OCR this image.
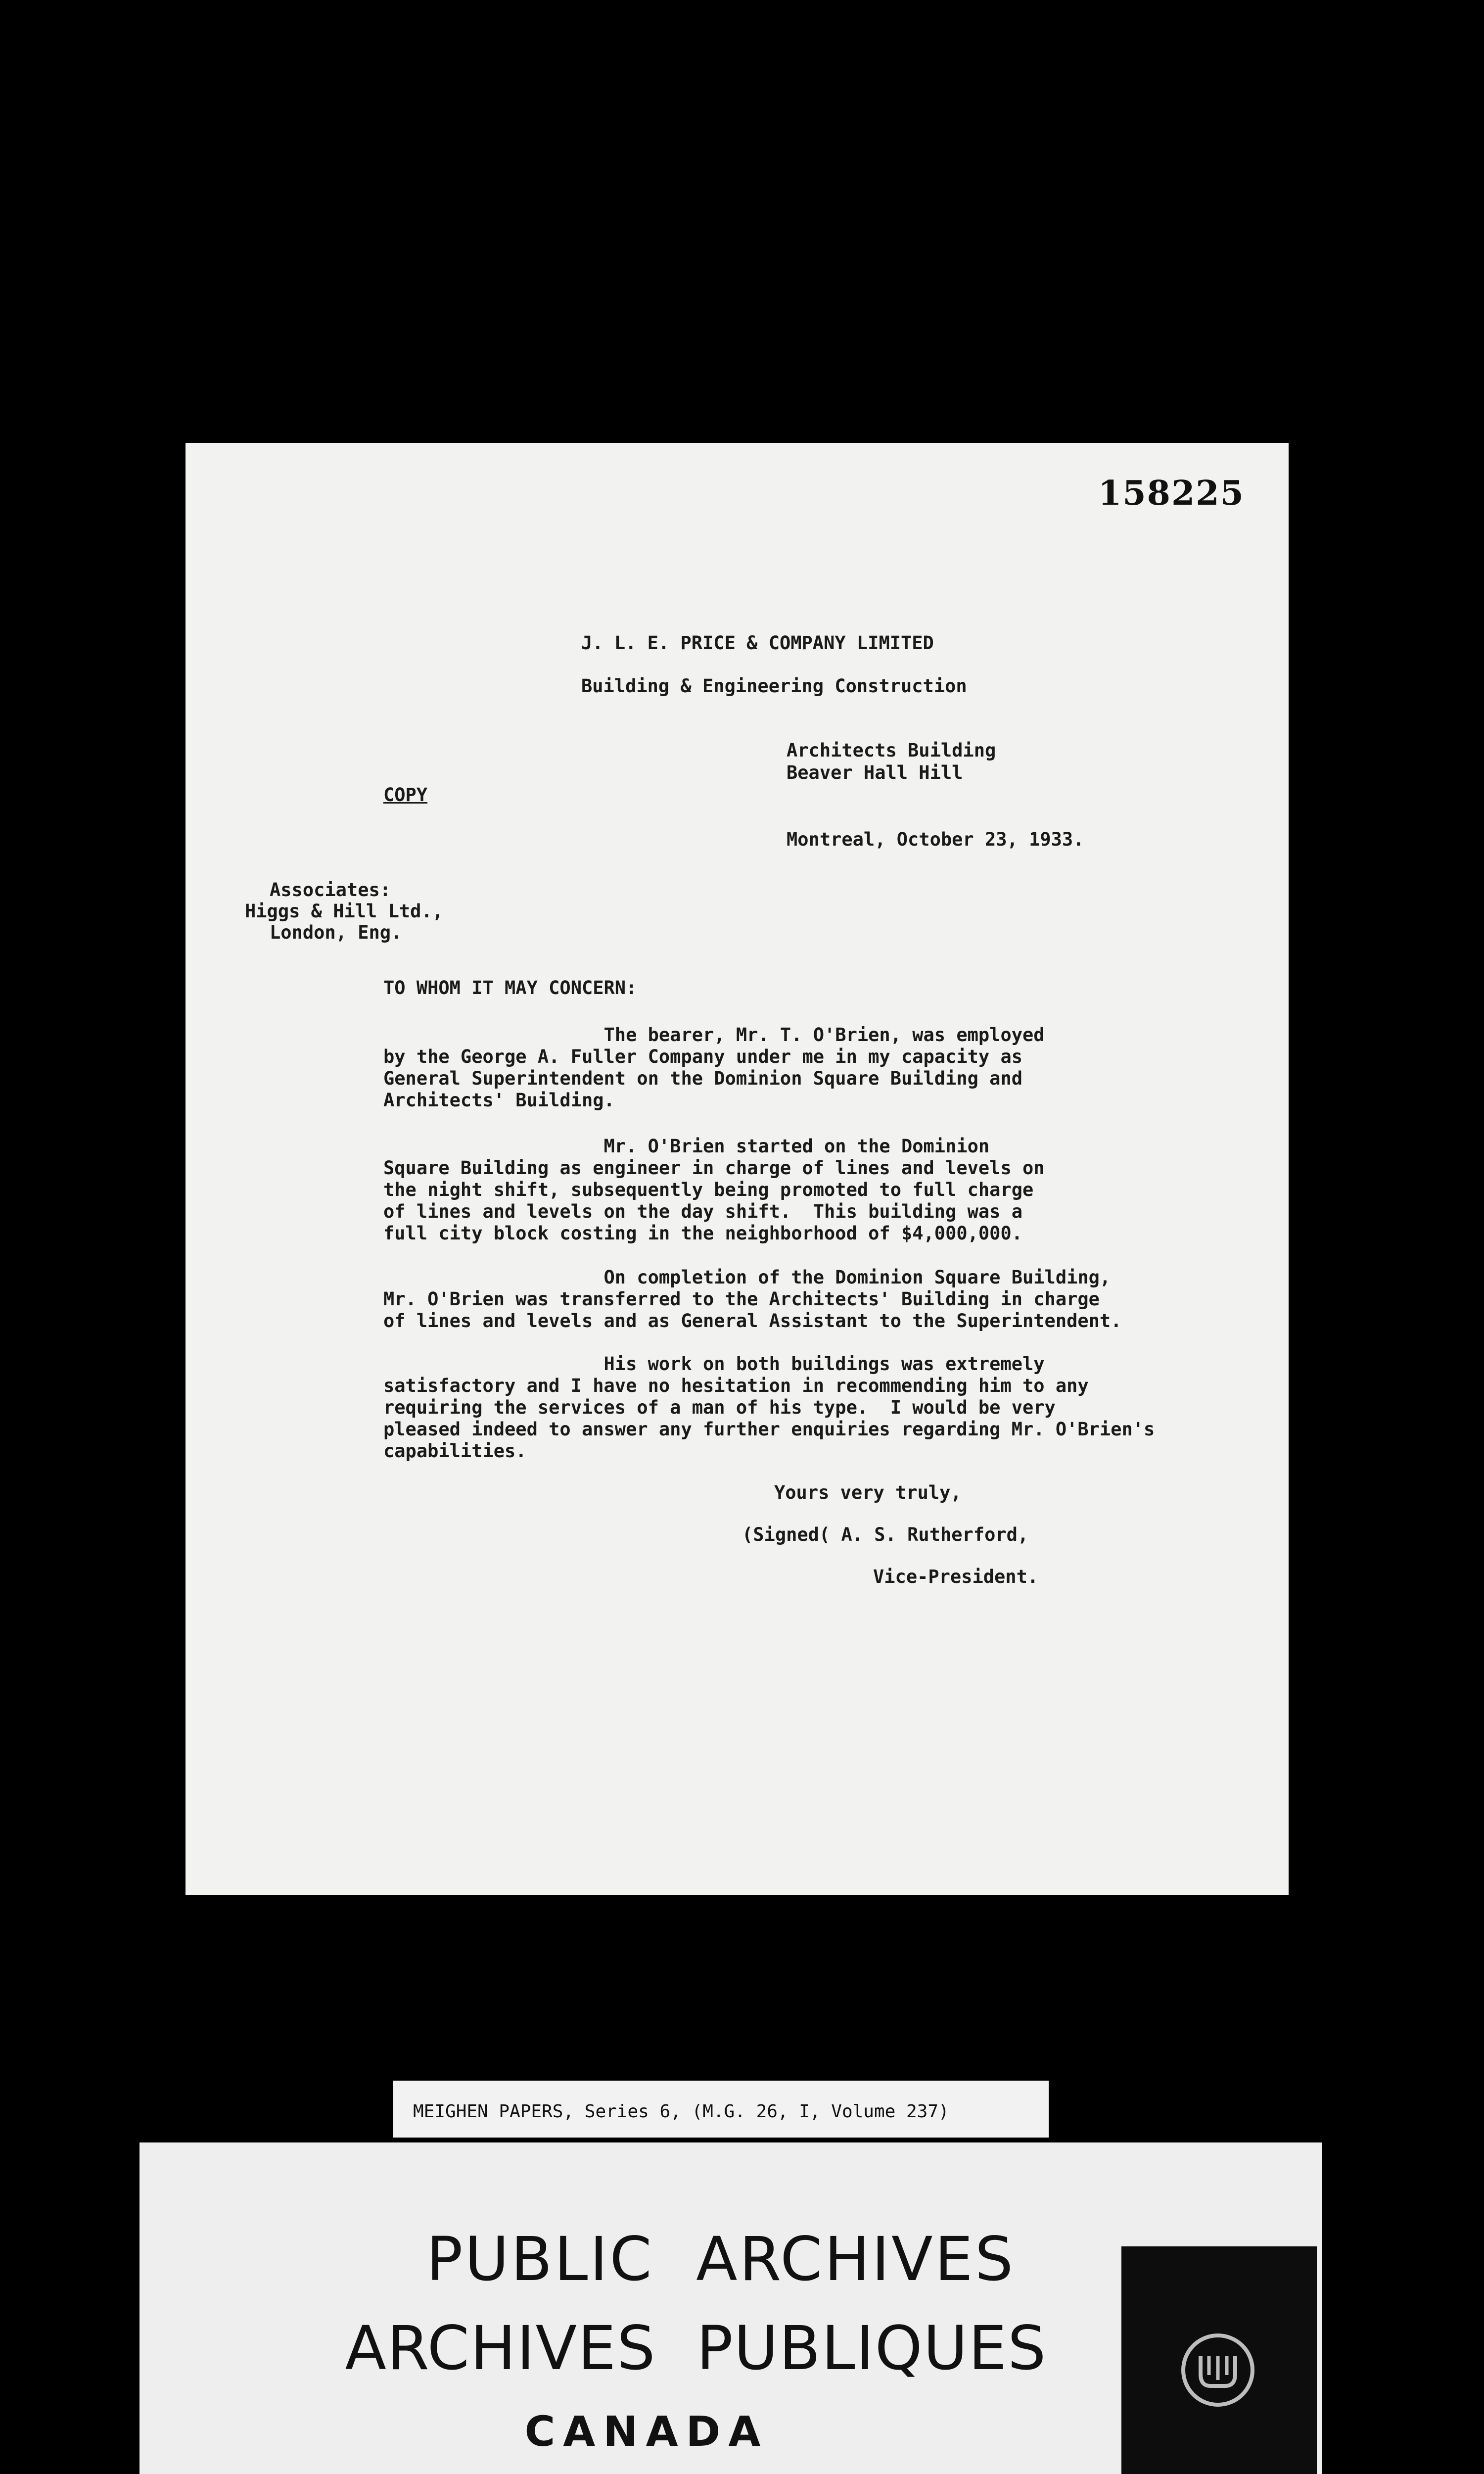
158225
J. L. E. PRICE & COMPANY LIMITED
Building & Engineering Construction
Architects Building
Beaver Hall Hill
COPY
Montreal, October 23, 1933.
Associates:
Higgs & Hill Ltd.,
London, Eng.
TO WHOM IT MAY CONCERN:
The bearer, Mr. T. O'Brien, was employed
by the George A. Fuller Company under me in my capacity as
General Superintendent on the Dominion Square Building and
Architects' Building.
Mr. O'Brien started on the Dominion
Square Building as engineer in charge of lines and levels on
the night shift, subsequently being promoted to full charge
of lines and levels on the day shift.  This building was a
full city block costing in the neighborhood of $4,000,000.
On completion of the Dominion Square Building,
Mr. O'Brien was transferred to the Architects' Building in charge
of lines and levels and as General Assistant to the Superintendent.
His work on both buildings was extremely
satisfactory and I have no hesitation in recommending him to any
requiring the services of a man of his type.  I would be very
pleased indeed to answer any further enquiries regarding Mr. O'Brien's
capabilities.
Yours very truly,
(Signed( A. S. Rutherford,
Vice-President.
MEIGHEN PAPERS, Series 6, (M.G. 26, I, Volume 237)
PUBLIC  ARCHIVES
ARCHIVES  PUBLIQUES
CANADA
